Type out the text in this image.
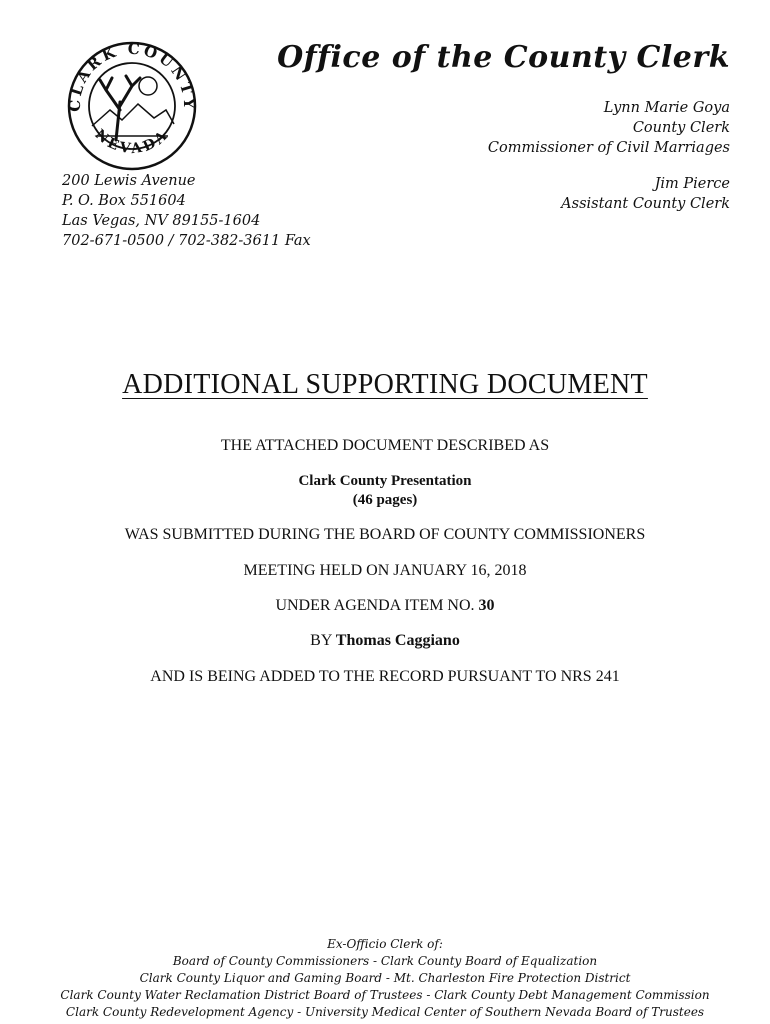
CLARK COUNTY
NEVADA
Office of the County Clerk
Lynn Marie Goya
County Clerk
Commissioner of Civil Marriages
Jim Pierce
Assistant County Clerk
200 Lewis Avenue
P. O. Box 551604
Las Vegas, NV 89155-1604
702-671-0500 / 702-382-3611 Fax
ADDITIONAL SUPPORTING DOCUMENT
THE ATTACHED DOCUMENT DESCRIBED AS
Clark County Presentation
(46 pages)
WAS SUBMITTED DURING THE BOARD OF COUNTY COMMISSIONERS
MEETING HELD ON JANUARY 16, 2018
UNDER AGENDA ITEM NO. 30
BY Thomas Caggiano
AND IS BEING ADDED TO THE RECORD PURSUANT TO NRS 241
Ex-Officio Clerk of:
Board of County Commissioners - Clark County Board of Equalization
Clark County Liquor and Gaming Board - Mt. Charleston Fire Protection District
Clark County Water Reclamation District Board of Trustees - Clark County Debt Management Commission
Clark County Redevelopment Agency - University Medical Center of Southern Nevada Board of Trustees
